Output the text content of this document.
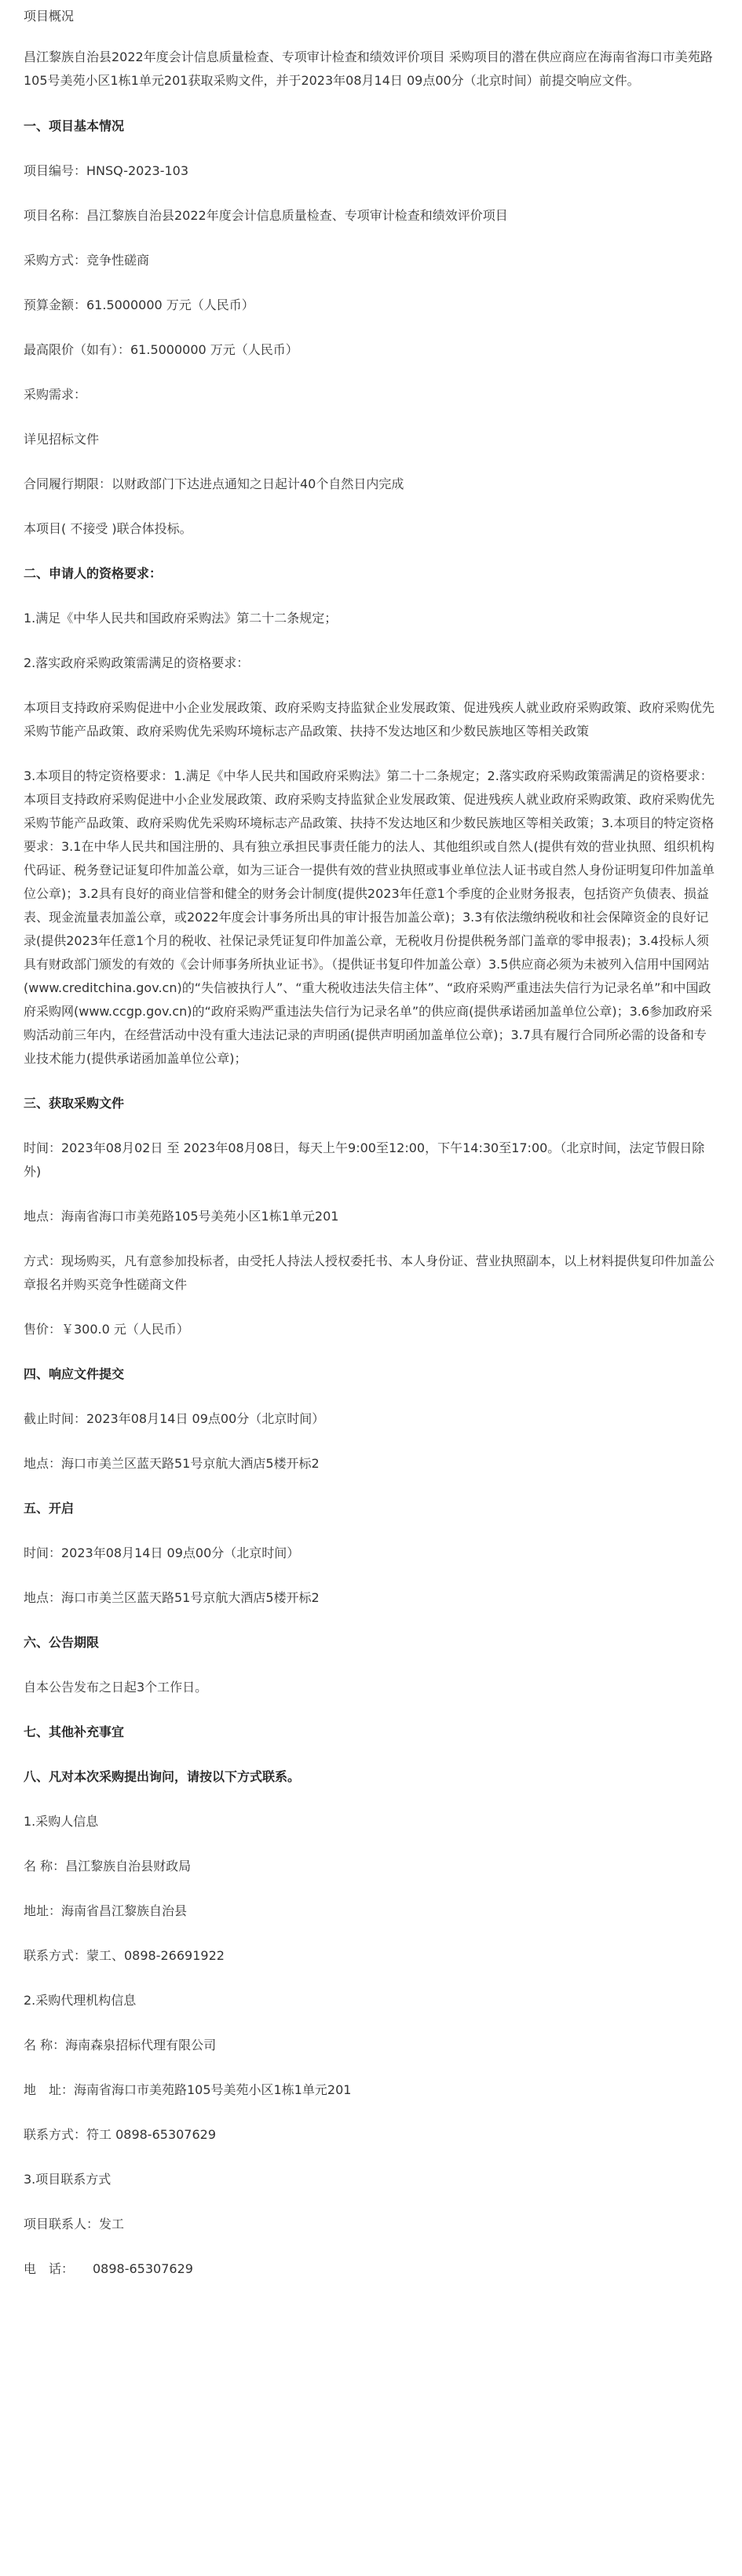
项目概况

昌江黎族自治县2022年度会计信息质量检查、专项审计检查和绩效评价项目 采购项目的潜在供应商应在海南省海口市美苑路105号美苑小区1栋1单元201获取采购文件，并于2023年08月14日 09点00分（北京时间）前提交响应文件。

一、项目基本情况

项目编号：HNSQ-2023-103

项目名称：昌江黎族自治县2022年度会计信息质量检查、专项审计检查和绩效评价项目

采购方式：竞争性磋商

预算金额：61.5000000 万元（人民币）

最高限价（如有）：61.5000000 万元（人民币）

采购需求：

详见招标文件

合同履行期限：以财政部门下达进点通知之日起计40个自然日内完成

本项目( 不接受 )联合体投标。

二、申请人的资格要求：

1.满足《中华人民共和国政府采购法》第二十二条规定；

2.落实政府采购政策需满足的资格要求：

本项目支持政府采购促进中小企业发展政策、政府采购支持监狱企业发展政策、促进残疾人就业政府采购政策、政府采购优先采购节能产品政策、政府采购优先采购环境标志产品政策、扶持不发达地区和少数民族地区等相关政策

3.本项目的特定资格要求：1.满足《中华人民共和国政府采购法》第二十二条规定；2.落实政府采购政策需满足的资格要求：本项目支持政府采购促进中小企业发展政策、政府采购支持监狱企业发展政策、促进残疾人就业政府采购政策、政府采购优先采购节能产品政策、政府采购优先采购环境标志产品政策、扶持不发达地区和少数民族地区等相关政策；3.本项目的特定资格要求：3.1在中华人民共和国注册的、具有独立承担民事责任能力的法人、其他组织或自然人(提供有效的营业执照、组织机构代码证、税务登记证复印件加盖公章，如为三证合一提供有效的营业执照或事业单位法人证书或自然人身份证明复印件加盖单位公章)；3.2具有良好的商业信誉和健全的财务会计制度(提供2023年任意1个季度的企业财务报表，包括资产负债表、损益表、现金流量表加盖公章，或2022年度会计事务所出具的审计报告加盖公章)；3.3有依法缴纳税收和社会保障资金的良好记录(提供2023年任意1个月的税收、社保记录凭证复印件加盖公章，无税收月份提供税务部门盖章的零申报表)；3.4投标人须具有财政部门颁发的有效的《会计师事务所执业证书》。（提供证书复印件加盖公章）3.5供应商必须为未被列入信用中国网站(www.creditchina.gov.cn)的“失信被执行人”、“重大税收违法失信主体”、“政府采购严重违法失信行为记录名单”和中国政府采购网(www.ccgp.gov.cn)的“政府采购严重违法失信行为记录名单”的供应商(提供承诺函加盖单位公章)；3.6参加政府采购活动前三年内，在经营活动中没有重大违法记录的声明函(提供声明函加盖单位公章)；3.7具有履行合同所必需的设备和专业技术能力(提供承诺函加盖单位公章)；

三、获取采购文件

时间：2023年08月02日 至 2023年08月08日，每天上午9:00至12:00，下午14:30至17:00。（北京时间，法定节假日除外)

地点：海南省海口市美苑路105号美苑小区1栋1单元201

方式：现场购买，凡有意参加投标者，由受托人持法人授权委托书、本人身份证、营业执照副本，以上材料提供复印件加盖公章报名并购买竞争性磋商文件

售价：￥300.0 元（人民币）

四、响应文件提交

截止时间：2023年08月14日 09点00分（北京时间）

地点：海口市美兰区蓝天路51号京航大酒店5楼开标2

五、开启

时间：2023年08月14日 09点00分（北京时间）

地点：海口市美兰区蓝天路51号京航大酒店5楼开标2

六、公告期限

自本公告发布之日起3个工作日。

七、其他补充事宜

八、凡对本次采购提出询问，请按以下方式联系。

1.采购人信息

名 称：昌江黎族自治县财政局

地址：海南省昌江黎族自治县

联系方式：蒙工、0898-26691922

2.采购代理机构信息

名 称：海南森泉招标代理有限公司

地　址：海南省海口市美苑路105号美苑小区1栋1单元201

联系方式：符工 0898-65307629

3.项目联系方式

项目联系人：发工

电　话：　　0898-65307629
